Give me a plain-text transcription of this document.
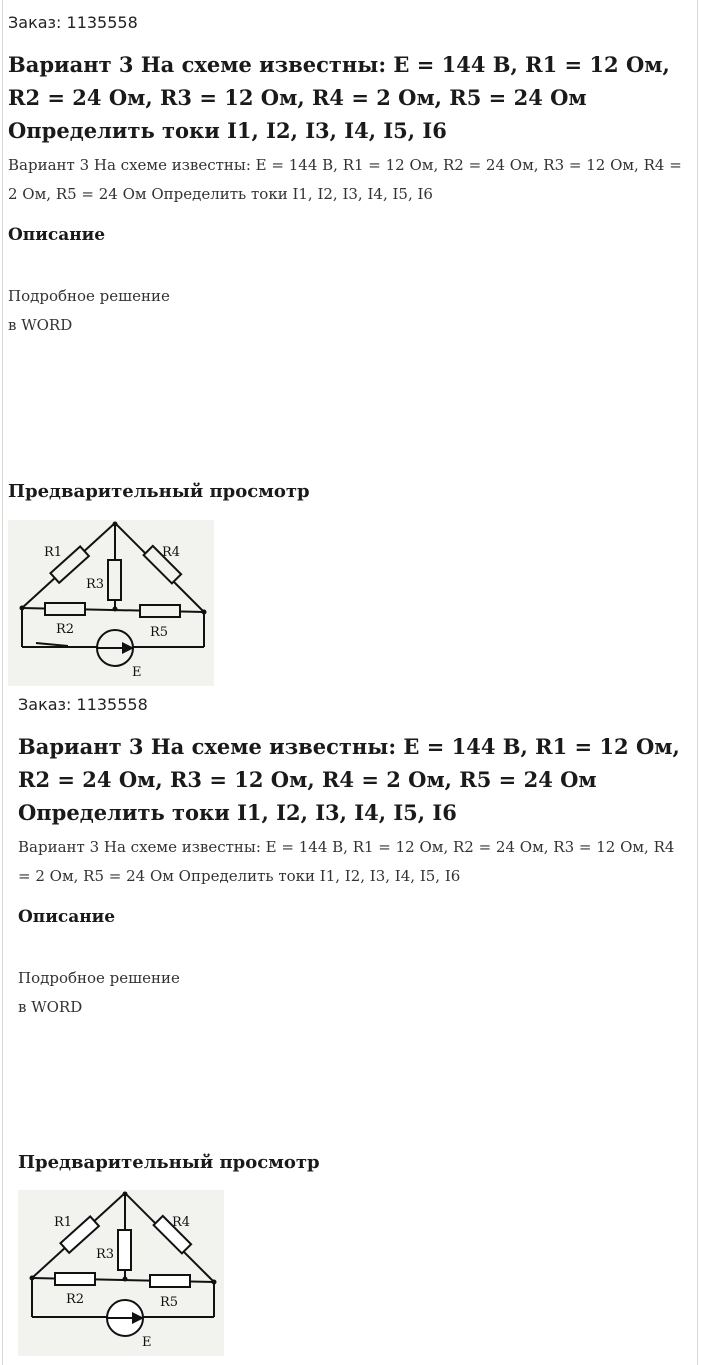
Заказ: 1135558
Вариант 3 На схеме известны: E = 144 В, R1 = 12 Ом, R2 = 24 Ом, R3 = 12 Ом, R4 = 2 Ом, R5 = 24 Ом Определить токи I1, I2, I3, I4, I5, I6
Вариант 3 На схеме известны: E = 144 В, R1 = 12 Ом, R2 = 24 Ом, R3 = 12 Ом, R4 = 2 Ом, R5 = 24 Ом Определить токи I1, I2, I3, I4, I5, I6
Описание
Подробное решение
в WORD
Предварительный просмотр
R1
R3
R4
R2	R5
E
Заказ: 1135558
Вариант 3 На схеме известны: E = 144 В, R1 = 12 Ом, R2 = 24 Ом, R3 = 12 Ом, R4 = 2 Ом, R5 = 24 Ом Определить токи I1, I2, I3, I4, I5, I6
Вариант 3 На схеме известны: E = 144 В, R1 = 12 Ом, R2 = 24 Ом, R3 = 12 Ом, R4 = 2 Ом, R5 = 24 Ом Определить токи I1, I2, I3, I4, I5, I6
Описание
Подробное решение
в WORD
Предварительный просмотр
R1
R3
R4
R2	R5
E
